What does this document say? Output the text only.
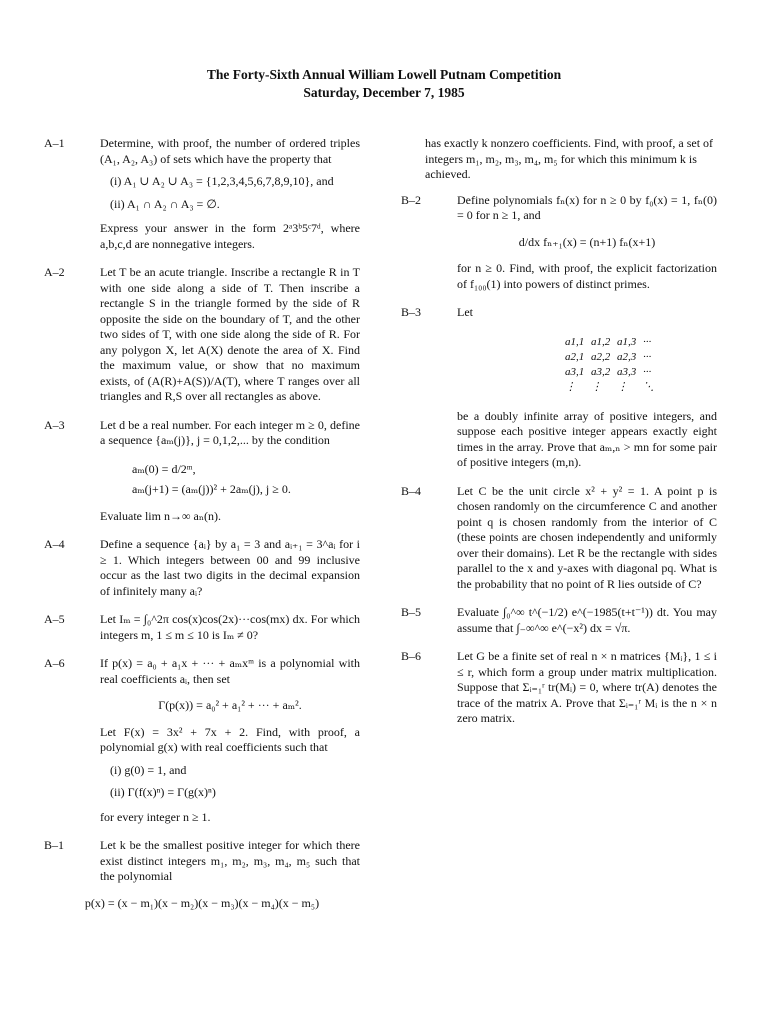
The Forty-Sixth Annual William Lowell Putnam Competition
Saturday, December 7, 1985
A–1	Determine, with proof, the number of ordered triples (A₁, A₂, A₃) of sets which have the property that

(i) A₁ ∪ A₂ ∪ A₃ = {1,2,3,4,5,6,7,8,9,10}, and
(ii) A₁ ∩ A₂ ∩ A₃ = ∅.

Express your answer in the form 2ᵃ3ᵇ5ᶜ7ᵈ, where a,b,c,d are nonnegative integers.

A–2	Let T be an acute triangle. Inscribe a rectangle R in T with one side along a side of T. Then inscribe a rectangle S in the triangle formed by the side of R opposite the side on the boundary of T, and the other two sides of T, with one side along the side of R. For any polygon X, let A(X) denote the area of X. Find the maximum value, or show that no maximum exists, of (A(R)+A(S))/A(T), where T ranges over all triangles and R,S over all rectangles as above.

A–3	Let d be a real number. For each integer m ≥ 0, define a sequence {aₘ(j)}, j = 0,1,2,... by the condition

aₘ(0) = d/2ᵐ,
aₘ(j+1) = (aₘ(j))² + 2aₘ(j), j ≥ 0.

Evaluate lim n→∞ aₙ(n).

A–4	Define a sequence {aᵢ} by a₁ = 3 and aᵢ₊₁ = 3^aᵢ for i ≥ 1. Which integers between 00 and 99 inclusive occur as the last two digits in the decimal expansion of infinitely many aᵢ?

A–5	Let Iₘ = ∫₀^2π cos(x)cos(2x)···cos(mx) dx. For which integers m, 1 ≤ m ≤ 10 is Iₘ ≠ 0?

A–6	If p(x) = a₀ + a₁x + ··· + aₘxᵐ is a polynomial with real coefficients aᵢ, then set

Γ(p(x)) = a₀² + a₁² + ··· + aₘ².

Let F(x) = 3x² + 7x + 2. Find, with proof, a polynomial g(x) with real coefficients such that

(i) g(0) = 1, and
(ii) Γ(f(x)ⁿ) = Γ(g(x)ⁿ)

for every integer n ≥ 1.

B–1	Let k be the smallest positive integer for which there exist distinct integers m₁, m₂, m₃, m₄, m₅ such that the polynomial

p(x) = (x − m₁)(x − m₂)(x − m₃)(x − m₄)(x − m₅)
has exactly k nonzero coefficients. Find, with proof, a set of integers m₁, m₂, m₃, m₄, m₅ for which this minimum k is achieved.
B–2	Define polynomials fₙ(x) for n ≥ 0 by f₀(x) = 1, fₙ(0) = 0 for n ≥ 1, and

d/dx fₙ₊₁(x) = (n+1) fₙ(x+1)

for n ≥ 0. Find, with proof, the explicit factorization of f₁₀₀(1) into powers of distinct primes.

B–3	Let

a1,1 a1,2 a1,3 ···
a2,1 a2,2 a2,3 ···
a3,1 a3,2 a3,3 ···
⋮ ⋮ ⋮ ⋱

be a doubly infinite array of positive integers, and suppose each positive integer appears exactly eight times in the array. Prove that aₘ,ₙ > mn for some pair of positive integers (m,n).

B–4	Let C be the unit circle x² + y² = 1. A point p is chosen randomly on the circumference C and another point q is chosen randomly from the interior of C (these points are chosen independently and uniformly over their domains). Let R be the rectangle with sides parallel to the x and y-axes with diagonal pq. What is the probability that no point of R lies outside of C?

B–5	Evaluate ∫₀^∞ t^(−1/2) e^(−1985(t+t⁻¹)) dt. You may assume that ∫₋∞^∞ e^(−x²) dx = √π.

B–6	Let G be a finite set of real n × n matrices {Mᵢ}, 1 ≤ i ≤ r, which form a group under matrix multiplication. Suppose that Σᵢ₌₁ʳ tr(Mᵢ) = 0, where tr(A) denotes the trace of the matrix A. Prove that Σᵢ₌₁ʳ Mᵢ is the n × n zero matrix.
